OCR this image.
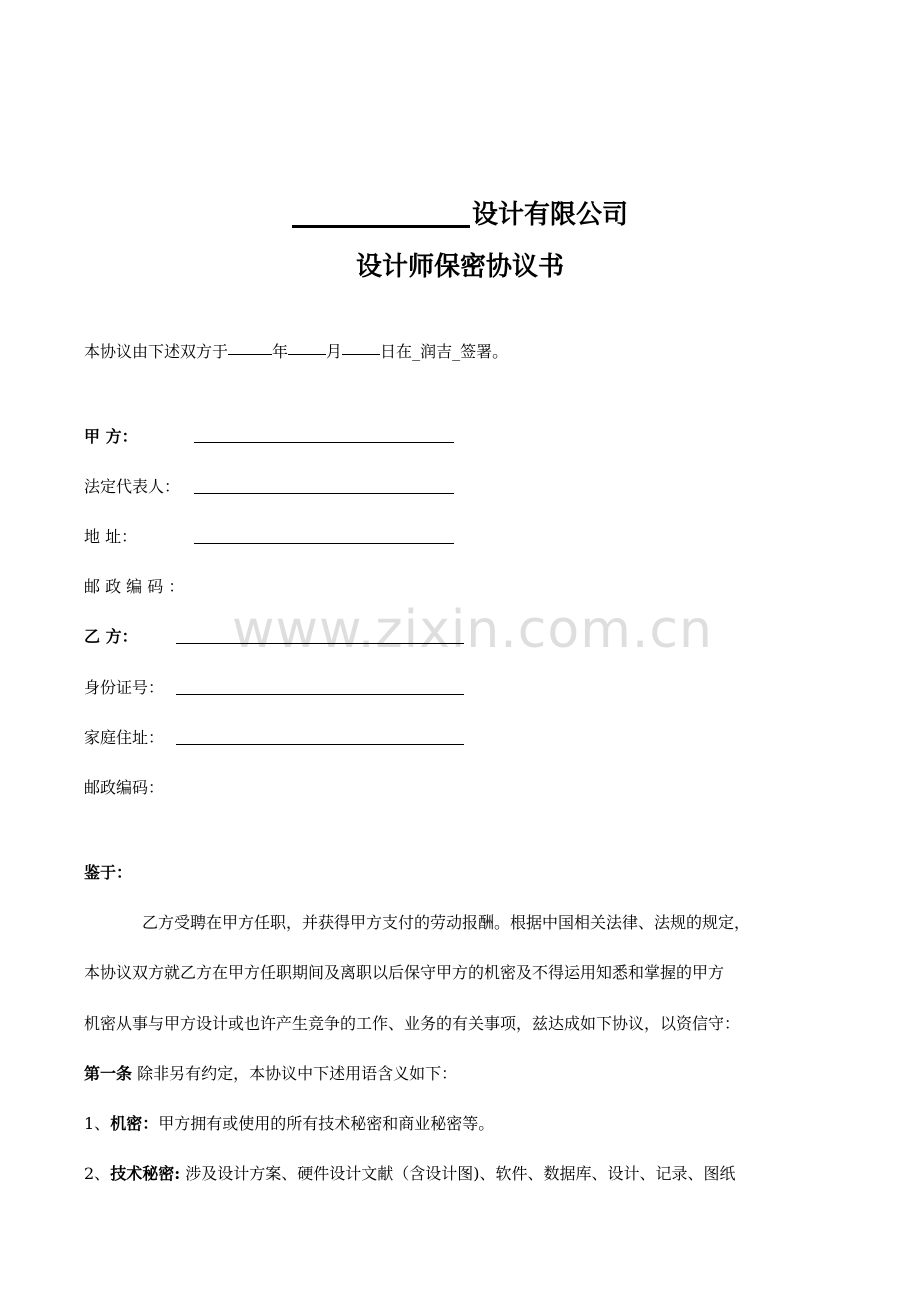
设计有限公司
设计师保密协议书
本协议由下述双方于	年 月 日在_润吉_签署。
甲 方：
法定代表人：
地 址：
邮 政 编 码 ：
www.zixin.com.cn
乙 方：
身份证号：
家庭住址：
邮政编码：
鉴于：
乙方受聘在甲方任职，并获得甲方支付的劳动报酬。根据中国相关法律、法规的规定，
本协议双方就乙方在甲方任职期间及离职以后保守甲方的机密及不得运用知悉和掌握的甲方
机密从事与甲方设计或也许产生竞争的工作、业务的有关事项，兹达成如下协议，以资信守：
第一条 除非另有约定，本协议中下述用语含义如下：
1、机密：甲方拥有或使用的所有技术秘密和商业秘密等。
2、技术秘密: 涉及设计方案、硬件设计文献（含设计图)、软件、数据库、设计、记录、图纸
